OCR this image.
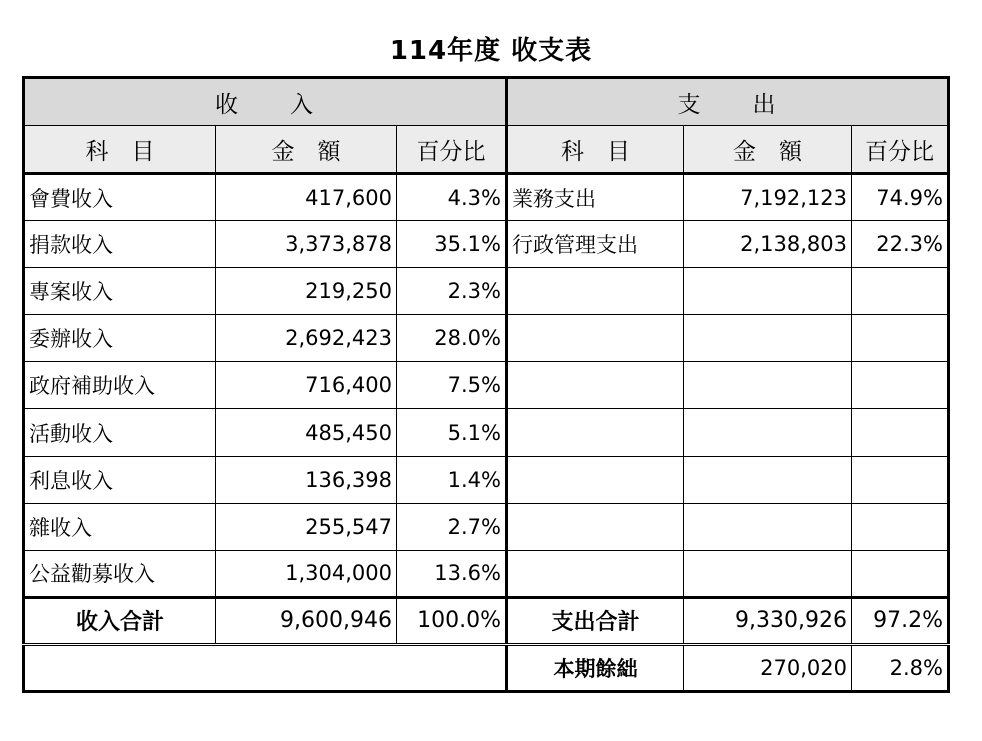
114年度 收支表
收　　入			支　　出		
科　目	金　額	百分比	科　目	金　額	百分比
會費收入	417,600	4.3%	業務支出	7,192,123	74.9%
捐款收入	3,373,878	35.1%	行政管理支出	2,138,803	22.3%
專案收入	219,250	2.3%			
委辦收入	2,692,423	28.0%			
政府補助收入	716,400	7.5%			
活動收入	485,450	5.1%			
利息收入	136,398	1.4%			
雜收入	255,547	2.7%			
公益勸募收入	1,304,000	13.6%			
收入合計	9,600,946	100.0%	支出合計	9,330,926	97.2%
			本期餘絀	270,020	2.8%
